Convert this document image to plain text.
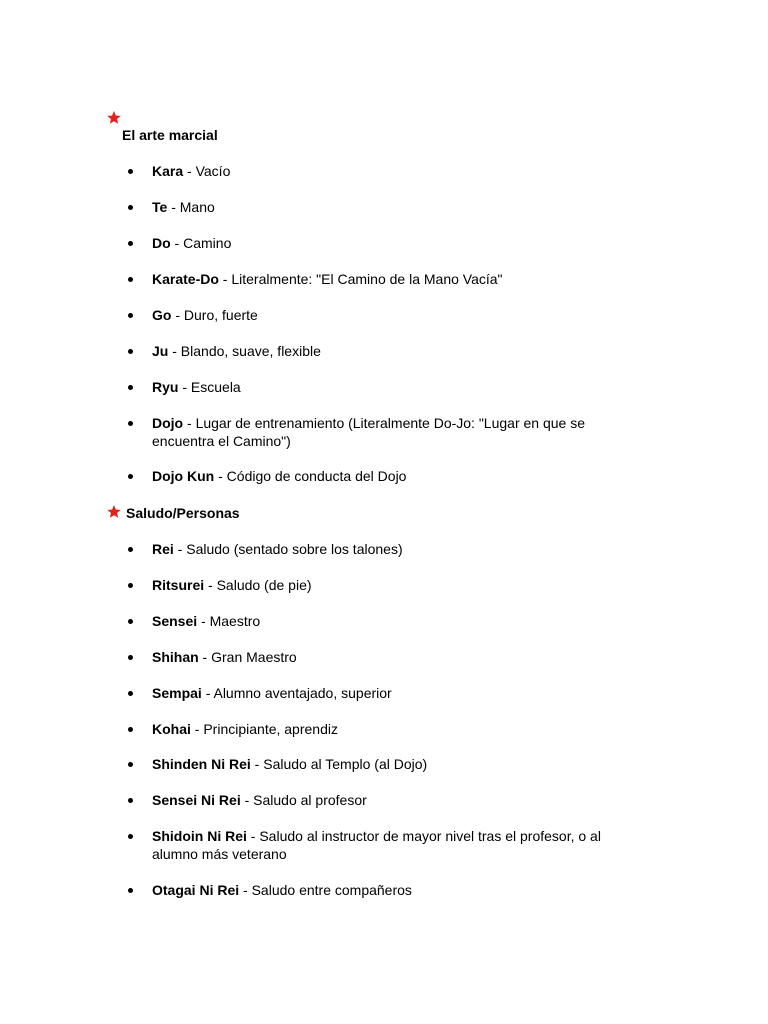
El arte marcial
Kara - Vacío
Te - Mano
Do - Camino
Karate-Do - Literalmente: "El Camino de la Mano Vacía"
Go - Duro, fuerte
Ju - Blando, suave, flexible
Ryu - Escuela
Dojo - Lugar de entrenamiento (Literalmente Do-Jo: "Lugar en que se encuentra el Camino")
Dojo Kun - Código de conducta del Dojo
Saludo/Personas
Rei - Saludo (sentado sobre los talones)
Ritsurei - Saludo (de pie)
Sensei - Maestro
Shihan - Gran Maestro
Sempai - Alumno aventajado, superior
Kohai - Principiante, aprendiz
Shinden Ni Rei - Saludo al Templo (al Dojo)
Sensei Ni Rei - Saludo al profesor
Shidoin Ni Rei - Saludo al instructor de mayor nivel tras el profesor, o al alumno más veterano
Otagai Ni Rei - Saludo entre compañeros
